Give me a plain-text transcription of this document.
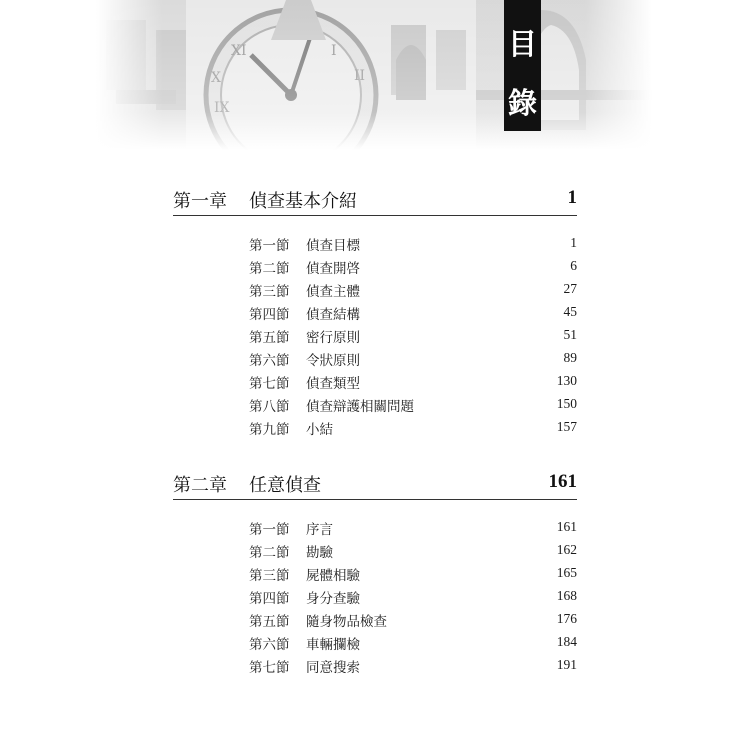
目
錄
第一章 偵查基本介紹	1
第一節 偵查目標	1
第二節 偵查開啓	6
第三節 偵查主體	27
第四節 偵查結構	45
第五節 密行原則	51
第六節 令狀原則	89
第七節 偵查類型	130
第八節 偵查辯護相關問題	150
第九節 小結	157
第二章 任意偵查	161
第一節 序言	161
第二節 勘驗	162
第三節 屍體相驗	165
第四節 身分查驗	168
第五節 隨身物品檢查	176
第六節 車輛攔檢	184
第七節 同意搜索	191
